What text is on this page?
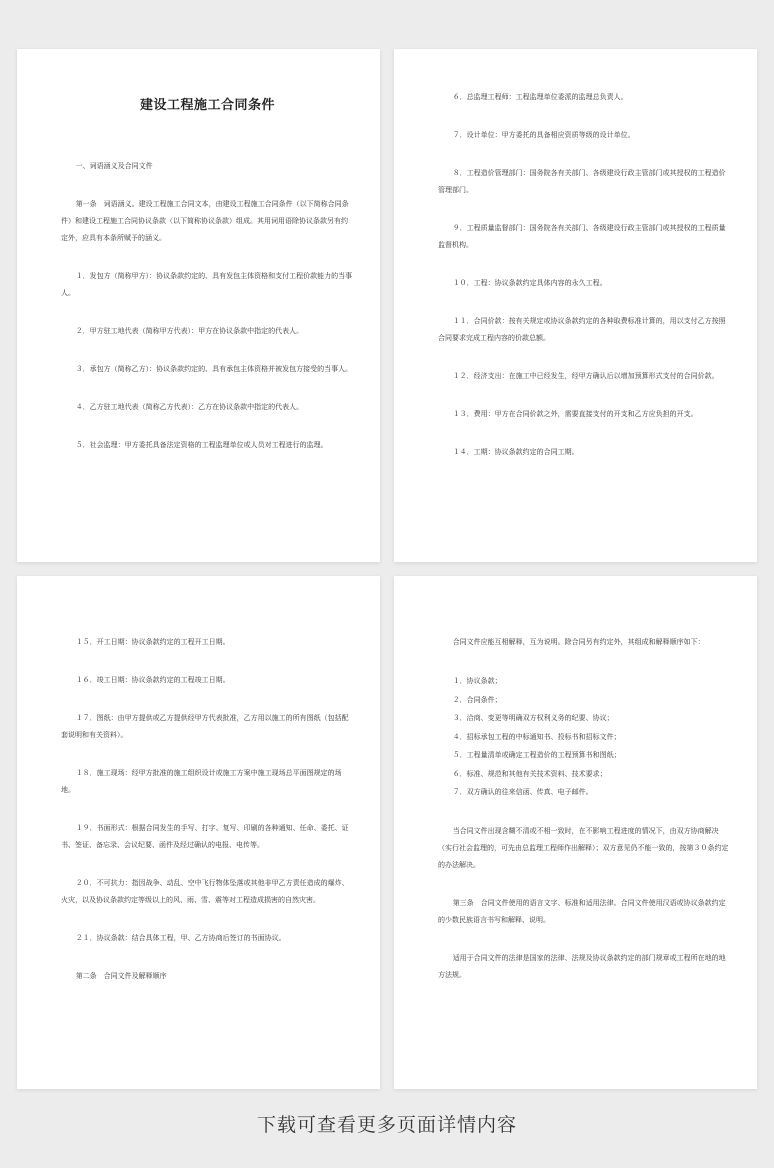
建设工程施工合同条件

一、词语涵义及合同文件

第一条　词语涵义。建设工程施工合同文本，由建设工程施工合同条件（以下简称合同条件）和建设工程施工合同协议条款（以下简称协议条款）组成。其用词用语除协议条款另有约定外，应具有本条所赋予的涵义。

１．发包方（简称甲方）：协议条款约定的、具有发包主体资格和支付工程价款能力的当事人。

２．甲方驻工地代表（简称甲方代表）：甲方在协议条款中指定的代表人。

３．承包方（简称乙方）：协议条款约定的、具有承包主体资格并被发包方接受的当事人。

４．乙方驻工地代表（简称乙方代表）：乙方在协议条款中指定的代表人。

５．社会监理：甲方委托具备法定资格的工程监理单位或人员对工程进行的监理。

６．总监理工程师：工程监理单位委派的监理总负责人。

７．设计单位：甲方委托的具备相应资质等级的设计单位。

８．工程造价管理部门：国务院各有关部门、各级建设行政主管部门或其授权的工程造价管理部门。

９．工程质量监督部门：国务院各有关部门、各级建设行政主管部门或其授权的工程质量监督机构。

１０．工程：协议条款约定具体内容的永久工程。

１１．合同价款：按有关规定或协议条款约定的各种取费标准计算的，用以支付乙方按照合同要求完成工程内容的价款总额。

１２．经济支出：在施工中已经发生，经甲方确认后以增加预算形式支付的合同价款。

１３．费用：甲方在合同价款之外，需要直接支付的开支和乙方应负担的开支。

１４．工期：协议条款约定的合同工期。

１５．开工日期：协议条款约定的工程开工日期。

１６．竣工日期：协议条款约定的工程竣工日期。

１７．图纸：由甲方提供或乙方提供经甲方代表批准，乙方用以施工的所有图纸（包括配套说明和有关资料）。

１８．施工现场：经甲方批准的施工组织设计或施工方案中施工现场总平面图规定的场地。

１９．书面形式：根据合同发生的手写、打字、复写、印刷的各种通知、任命、委托、证书、签证、备忘录、会议纪要、函件及经过确认的电报、电传等。

２０．不可抗力：指因战争、动乱、空中飞行物体坠落或其他非甲乙方责任造成的爆炸、火灾，以及协议条款约定等级以上的风、雨、雪、震等对工程造成损害的自然灾害。

２１．协议条款：结合具体工程，甲、乙方协商后签订的书面协议。

第二条　合同文件及解释顺序

合同文件应能互相解释，互为说明。除合同另有约定外，其组成和解释顺序如下：

１．协议条款；

２．合同条件；

３．洽商、变更等明确双方权利义务的纪要、协议；

４．招标承包工程的中标通知书、投标书和招标文件；

５．工程量清单或确定工程造价的工程预算书和图纸；

６．标准、规范和其他有关技术资料、技术要求；

７．双方确认的往来信函、传真、电子邮件。

当合同文件出现含糊不清或不相一致时，在不影响工程进度的情况下，由双方协商解决（实行社会监理的，可先由总监理工程师作出解释）；双方意见仍不能一致的，按第３０条约定的办法解决。

第三条　合同文件使用的语言文字、标准和适用法律。合同文件使用汉语或协议条款约定的少数民族语言书写和解释、说明。

适用于合同文件的法律是国家的法律、法规及协议条款约定的部门规章或工程所在地的地方法规。

下载可查看更多页面详情内容
